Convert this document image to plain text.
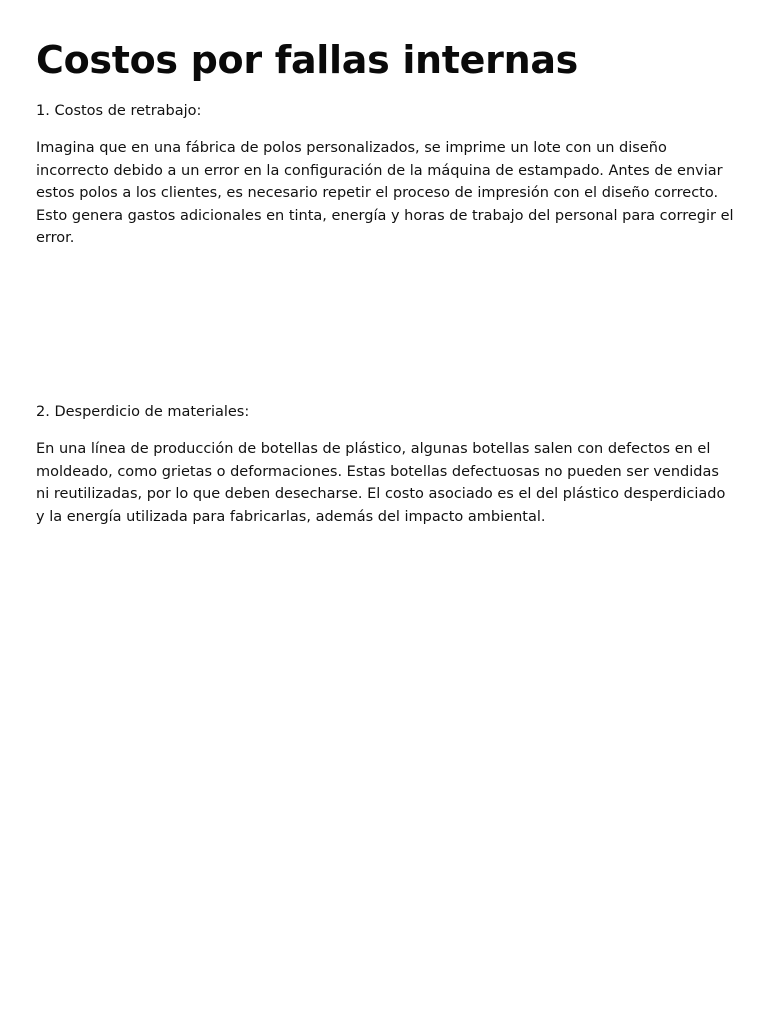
Costos por fallas internas

1. Costos de retrabajo:

Imagina que en una fábrica de polos personalizados, se imprime un lote con un diseño incorrecto debido a un error en la configuración de la máquina de estampado. Antes de enviar estos polos a los clientes, es necesario repetir el proceso de impresión con el diseño correcto. Esto genera gastos adicionales en tinta, energía y horas de trabajo del personal para corregir el error.

2. Desperdicio de materiales:

En una línea de producción de botellas de plástico, algunas botellas salen con defectos en el moldeado, como grietas o deformaciones. Estas botellas defectuosas no pueden ser vendidas ni reutilizadas, por lo que deben desecharse. El costo asociado es el del plástico desperdiciado y la energía utilizada para fabricarlas, además del impacto ambiental.
